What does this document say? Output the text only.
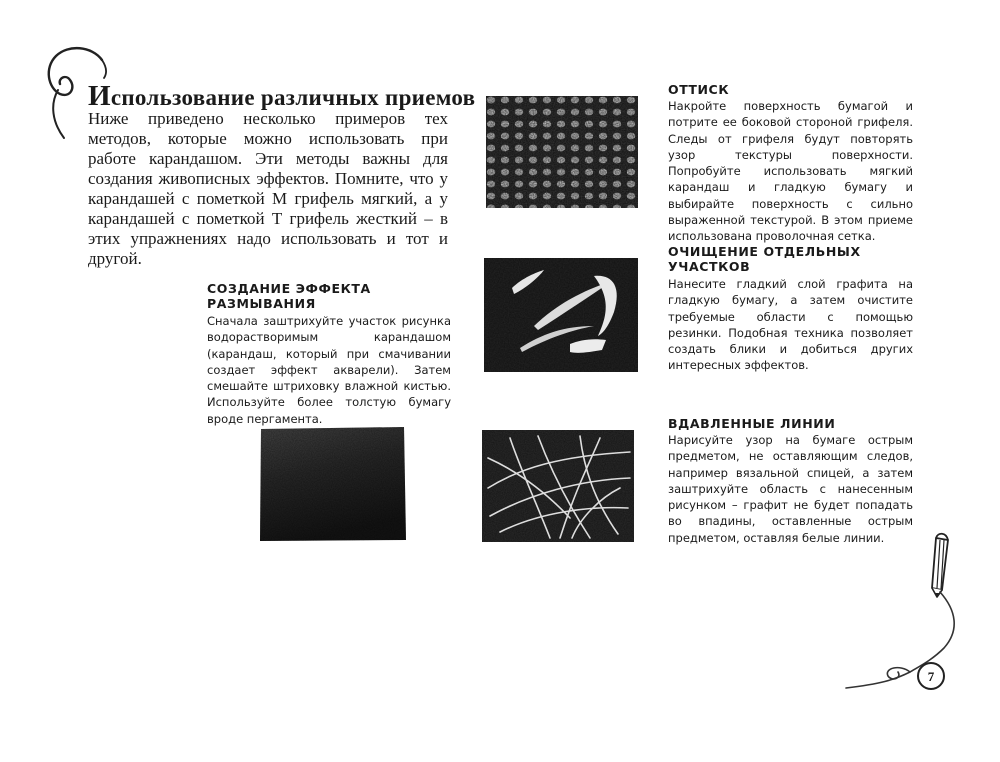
Использование различных приемов
Ниже приведено несколько примеров тех методов, которые можно использовать при работе карандашом. Эти методы важны для создания живописных эффектов. Помните, что у карандашей с пометкой М грифель мягкий, а у карандашей с пометкой Т грифель жесткий – в этих упражнениях надо использовать и тот и другой.
СОЗДАНИЕ ЭФФЕКТА РАЗМЫВАНИЯ
Сначала заштрихуйте участок рисунка водорастворимым карандашом (карандаш, который при смачивании создает эффект акварели). Затем смешайте штриховку влажной кистью. Используйте более толстую бумагу вроде пергамента.
ОТТИСК
Накройте поверхность бумагой и потрите ее боковой стороной грифеля. Следы от грифеля будут повторять узор текстуры поверхности. Попробуйте использовать мягкий карандаш и гладкую бумагу и выбирайте поверхность с сильно выраженной текстурой. В этом приеме использована проволочная сетка.
ОЧИЩЕНИЕ ОТДЕЛЬНЫХ УЧАСТКОВ
Нанесите гладкий слой графита на гладкую бумагу, а затем очистите требуемые области с помощью резинки. Подобная техника позволяет создать блики и добиться других интересных эффектов.
ВДАВЛЕННЫЕ ЛИНИИ
Нарисуйте узор на бумаге острым предметом, не оставляющим следов, например вязальной спицей, а затем заштрихуйте область с нанесенным рисунком – графит не будет попадать во впадины, оставленные острым предметом, оставляя белые линии.
7
